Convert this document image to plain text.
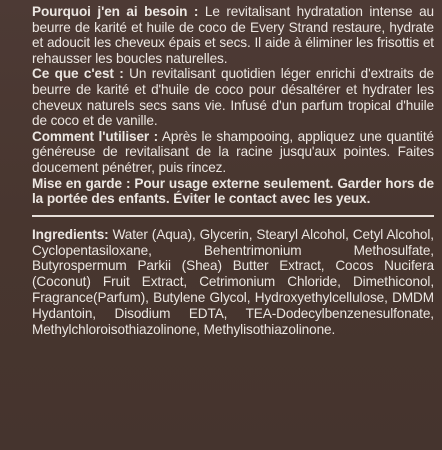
Pourquoi j'en ai besoin : Le revitalisant hydratation intense au beurre de karité et huile de coco de Every Strand restaure, hydrate et adoucit les cheveux épais et secs. Il aide à éliminer les frisottis et rehausser les boucles naturelles.
Ce que c'est : Un revitalisant quotidien léger enrichi d'extraits de beurre de karité et d'huile de coco pour désaltérer et hydrater les cheveux naturels secs sans vie. Infusé d'un parfum tropical d'huile de coco et de vanille.
Comment l'utiliser : Après le shampooing, appliquez une quantité généreuse de revitalisant de la racine jusqu'aux pointes. Faites doucement pénétrer, puis rincez.
Mise en garde : Pour usage externe seulement. Garder hors de la portée des enfants. Éviter le contact avec les yeux.
Ingredients: Water (Aqua), Glycerin, Stearyl Alcohol, Cetyl Alcohol, Cyclopentasiloxane, Behentrimonium Methosulfate, Butyrospermum Parkii (Shea) Butter Extract, Cocos Nucifera (Coconut) Fruit Extract, Cetrimonium Chloride, Dimethiconol, Fragrance(Parfum), Butylene Glycol, Hydroxyethylcellulose, DMDM Hydantoin, Disodium EDTA, TEA-Dodecylbenzenesulfonate, Methylchloroisothiazolinone, Methylisothiazolinone.
